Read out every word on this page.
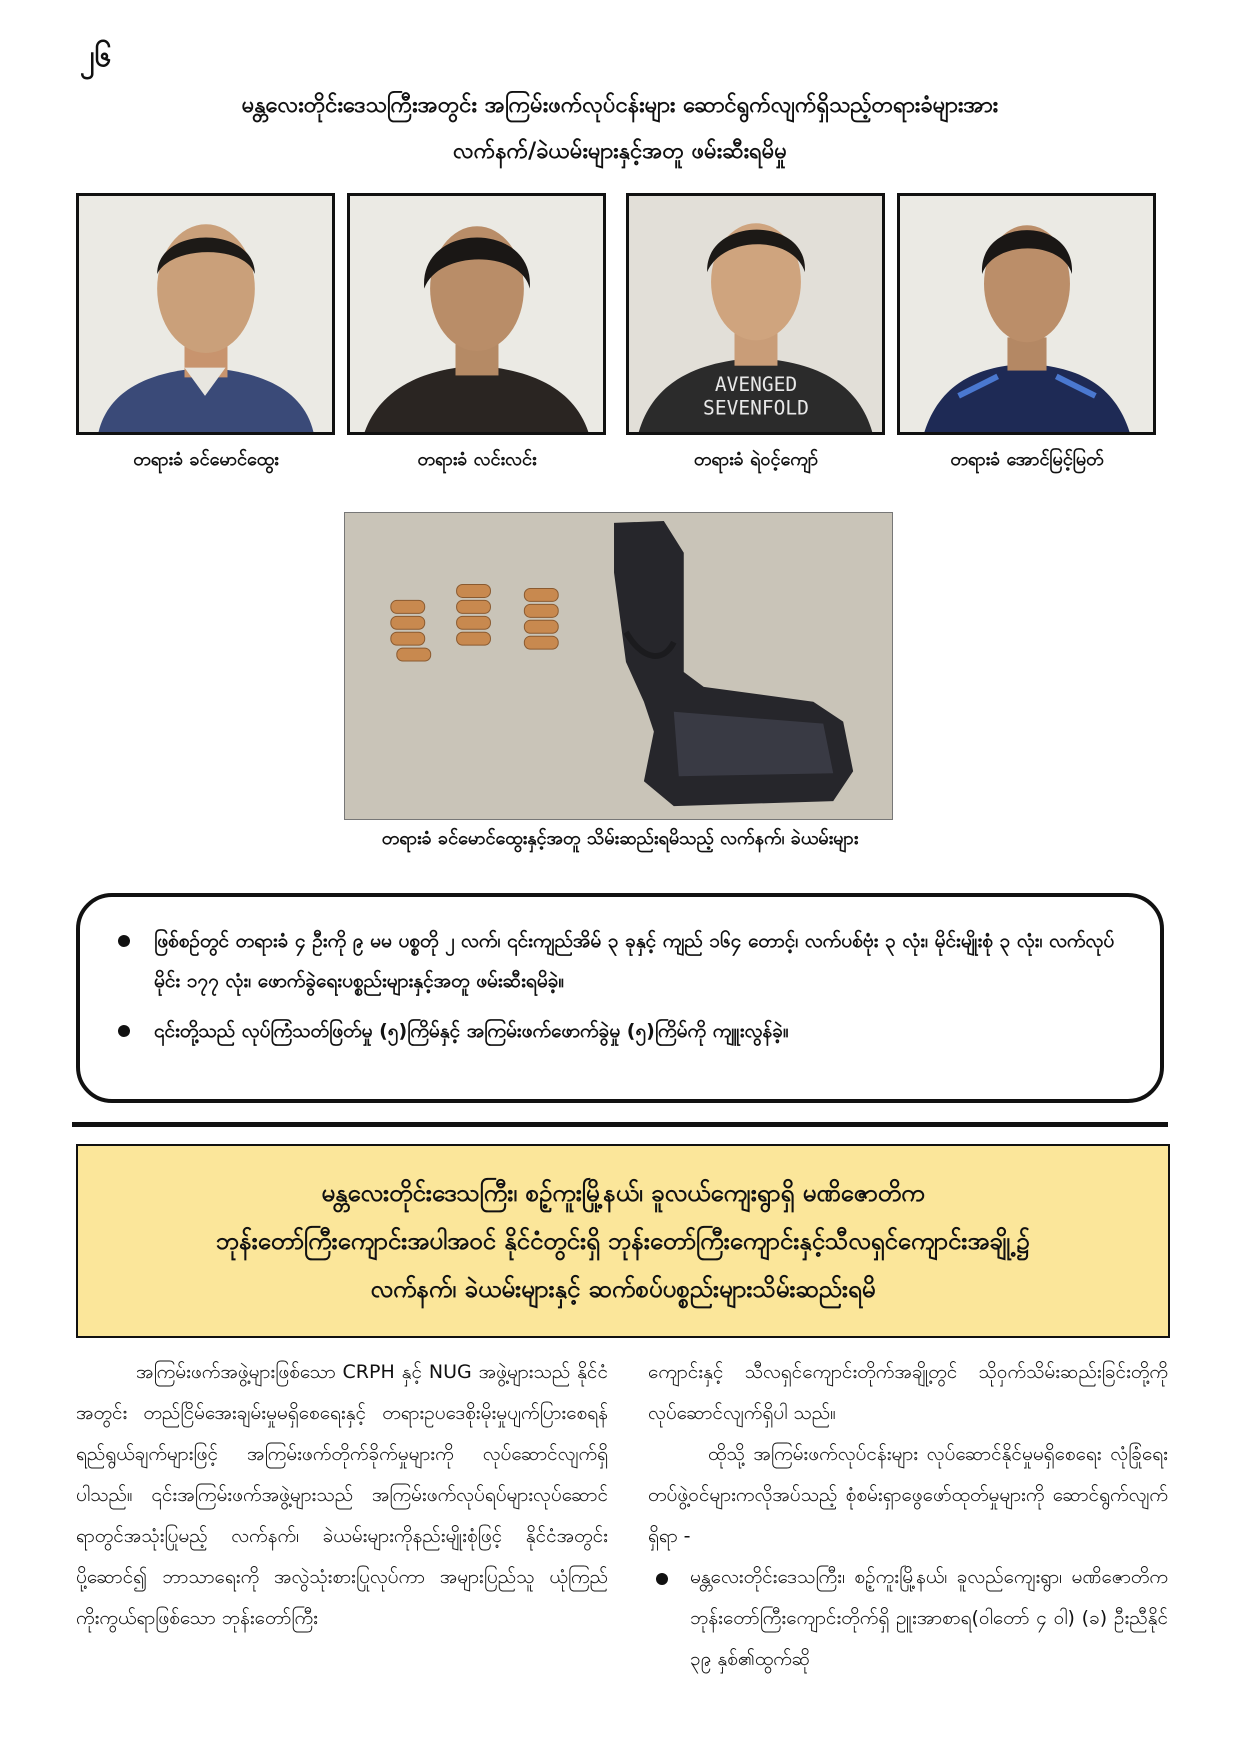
၂၆
မန္တလေးတိုင်းဒေသကြီးအတွင်း အကြမ်းဖက်လုပ်ငန်းများ ဆောင်ရွက်လျက်ရှိသည့်တရားခံများအား
လက်နက်/ခဲယမ်းများနှင့်အတူ ဖမ်းဆီးရမိမှု
AVENGED
SEVENFOLD
တရားခံ ခင်မောင်ထွေး	တရားခံ လင်းလင်း	တရားခံ ရဲဝင့်ကျော်	တရားခံ အောင်မြင့်မြတ်
တရားခံ ခင်မောင်ထွေးနှင့်အတူ သိမ်းဆည်းရမိသည့် လက်နက်၊ ခဲယမ်းများ
ဖြစ်စဉ်တွင် တရားခံ ၄ ဦးကို ၉ မမ ပစ္စတို ၂ လက်၊ ၎င်းကျည်အိမ် ၃ ခုနှင့် ကျည် ၁၆၄ တောင့်၊ လက်ပစ်ဗုံး ၃ လုံး၊ မိုင်းမျိုးစုံ ၃ လုံး၊ လက်လုပ်မိုင်း ၁၇၇ လုံး၊ ဖောက်ခွဲရေးပစ္စည်းများနှင့်အတူ ဖမ်းဆီးရမိခဲ့။
၎င်းတို့သည် လုပ်ကြံသတ်ဖြတ်မှု (၅)ကြိမ်နှင့် အကြမ်းဖက်ဖောက်ခွဲမှု (၅)ကြိမ်ကို ကျူးလွန်ခဲ့။
မန္တလေးတိုင်းဒေသကြီး၊ စဉ့်ကူးမြို့နယ်၊ ခူလယ်ကျေးရွာရှိ မဏိဇောတိက
ဘုန်းတော်ကြီးကျောင်းအပါအဝင် နိုင်ငံတွင်းရှိ ဘုန်းတော်ကြီးကျောင်းနှင့်သီလရှင်ကျောင်းအချို့၌
လက်နက်၊ ခဲယမ်းများနှင့် ဆက်စပ်ပစ္စည်းများသိမ်းဆည်းရမိ

အကြမ်းဖက်အဖွဲ့များဖြစ်သော CRPH နှင့် NUG အဖွဲ့များသည် နိုင်ငံအတွင်း တည်ငြိမ်အေးချမ်းမှုမရှိစေရေးနှင့် တရားဥပဒေစိုးမိုးမှုပျက်ပြားစေရန်ရည်ရွယ်ချက်များဖြင့် အကြမ်းဖက်တိုက်ခိုက်မှုများကို လုပ်ဆောင်လျက်ရှိပါသည်။ ၎င်းအကြမ်းဖက်အဖွဲ့များသည် အကြမ်းဖက်လုပ်ရပ်များလုပ်ဆောင်ရာတွင်အသုံးပြုမည့် လက်နက်၊ ခဲယမ်းများကိုနည်းမျိုးစုံဖြင့် နိုင်ငံအတွင်းပို့ဆောင်၍ ဘာသာရေးကို အလွဲသုံးစားပြုလုပ်ကာ အများပြည်သူ ယုံကြည်ကိုးကွယ်ရာဖြစ်သော ဘုန်းတော်ကြီး

ကျောင်းနှင့် သီလရှင်ကျောင်းတိုက်အချို့တွင် သိုဝှက်သိမ်းဆည်းခြင်းတို့ကို လုပ်ဆောင်လျက်ရှိပါ သည်။

ထိုသို့ အကြမ်းဖက်လုပ်ငန်းများ လုပ်ဆောင်နိုင်မှုမရှိစေရေး လုံခြုံရေးတပ်ဖွဲ့ဝင်များကလိုအပ်သည့် စုံစမ်းရှာဖွေဖော်ထုတ်မှုများကို ဆောင်ရွက်လျက်ရှိရာ -

မန္တလေးတိုင်းဒေသကြီး၊ စဉ့်ကူးမြို့နယ်၊ ခူလည်ကျေးရွာ၊ မဏိဇောတိကဘုန်းတော်ကြီးကျောင်းတိုက်ရှိ ဥူးအာစာရ(ဝါတော် ၄ ဝါ) (ခ) ဦးညီနိုင် ၃၉ နှစ်၏ထွက်ဆို
